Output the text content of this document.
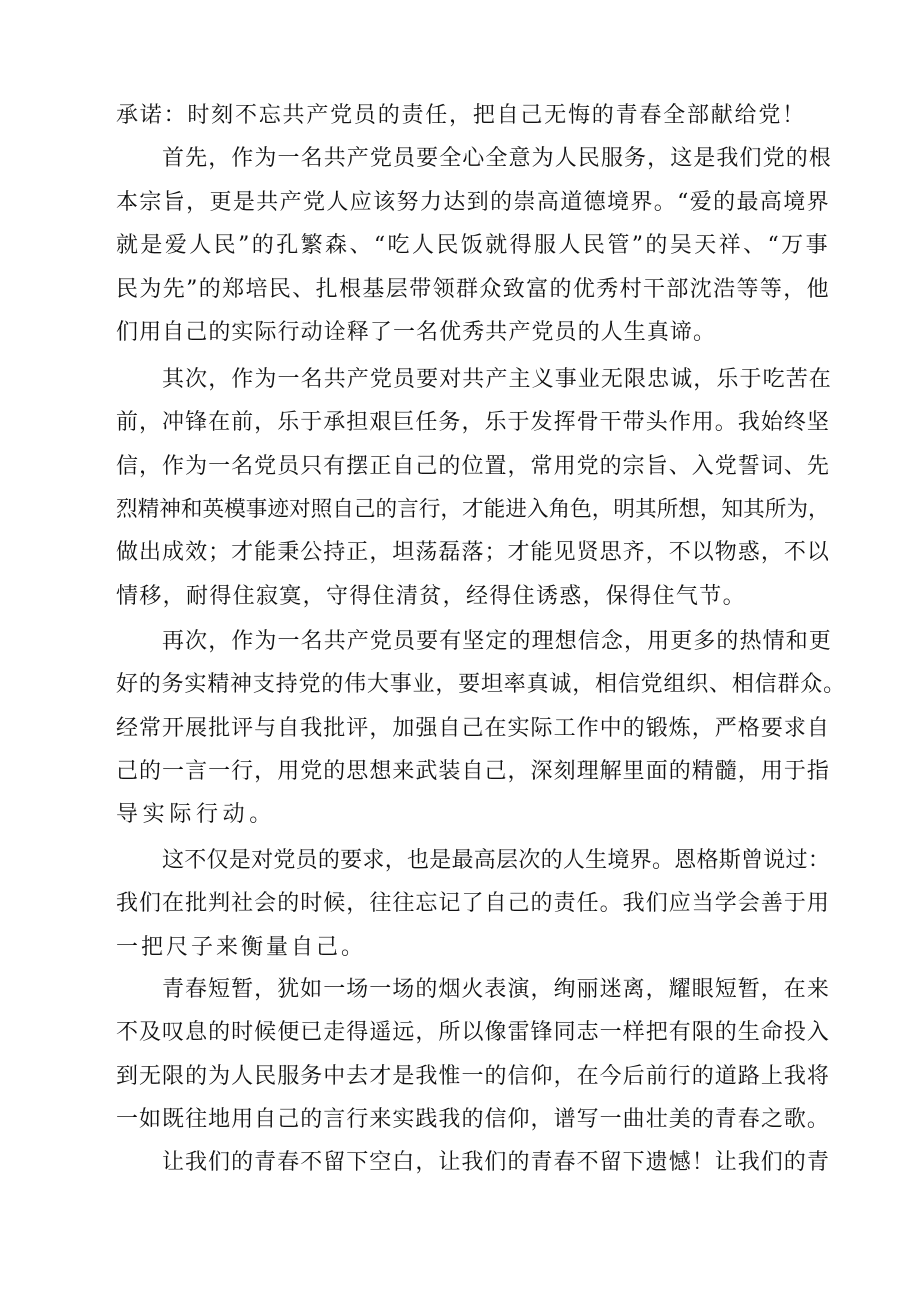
承诺：时刻不忘共产党员的责任，把自己无悔的青春全部献给党！
首先，作为一名共产党员要全心全意为人民服务，这是我们党的根
本宗旨，更是共产党人应该努力达到的崇高道德境界。“爱的最高境界
就是爱人民”的孔繁森、“吃人民饭就得服人民管”的吴天祥、“万事
民为先”的郑培民、扎根基层带领群众致富的优秀村干部沈浩等等，他
们用自己的实际行动诠释了一名优秀共产党员的人生真谛。
其次，作为一名共产党员要对共产主义事业无限忠诚，乐于吃苦在
前，冲锋在前，乐于承担艰巨任务，乐于发挥骨干带头作用。我始终坚
信，作为一名党员只有摆正自己的位置，常用党的宗旨、入党誓词、先
烈精神和英模事迹对照自己的言行，才能进入角色，明其所想，知其所为，
做出成效；才能秉公持正，坦荡磊落；才能见贤思齐，不以物惑，不以
情移，耐得住寂寞，守得住清贫，经得住诱惑，保得住气节。
再次，作为一名共产党员要有坚定的理想信念，用更多的热情和更
好的务实精神支持党的伟大事业，要坦率真诚，相信党组织、相信群众。
经常开展批评与自我批评，加强自己在实际工作中的锻炼，严格要求自
己的一言一行，用党的思想来武装自己，深刻理解里面的精髓，用于指
导实际行动。
这不仅是对党员的要求，也是最高层次的人生境界。恩格斯曾说过：
我们在批判社会的时候，往往忘记了自己的责任。我们应当学会善于用
一把尺子来衡量自己。
青春短暂，犹如一场一场的烟火表演，绚丽迷离，耀眼短暂，在来
不及叹息的时候便已走得遥远，所以像雷锋同志一样把有限的生命投入
到无限的为人民服务中去才是我惟一的信仰，在今后前行的道路上我将
一如既往地用自己的言行来实践我的信仰，谱写一曲壮美的青春之歌。
让我们的青春不留下空白，让我们的青春不留下遗憾！让我们的青
